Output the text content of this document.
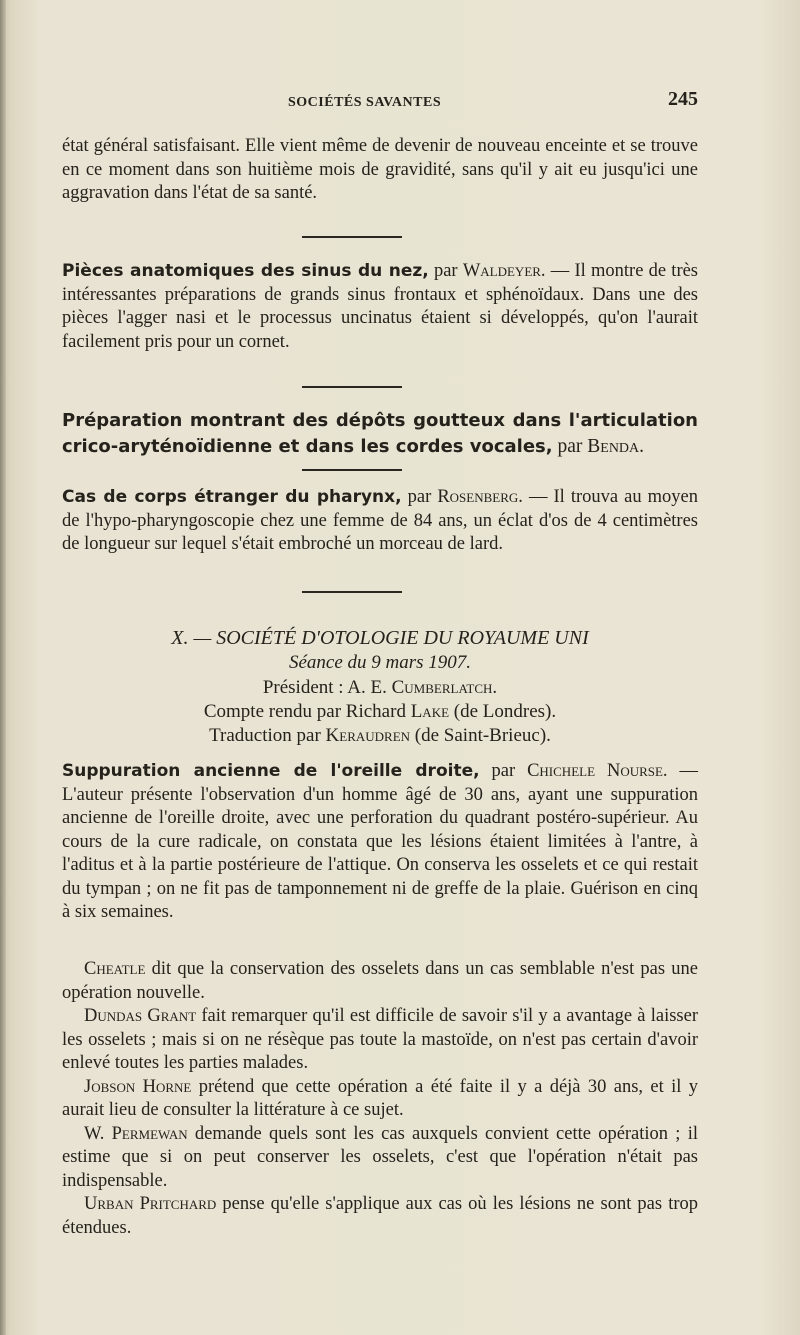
SOCIÉTÉS SAVANTES	245

état général satisfaisant. Elle vient même de devenir de nouveau enceinte et se trouve en ce moment dans son huitième mois de gravidité, sans qu'il y ait eu jusqu'ici une aggravation dans l'état de sa santé.

Pièces anatomiques des sinus du nez, par Waldeyer. — Il montre de très intéressantes préparations de grands sinus frontaux et sphénoïdaux. Dans une des pièces l'agger nasi et le processus uncinatus étaient si développés, qu'on l'aurait facilement pris pour un cornet.

Préparation montrant des dépôts goutteux dans l'articulation crico-aryténoïdienne et dans les cordes vocales, par Benda.

Cas de corps étranger du pharynx, par Rosenberg. — Il trouva au moyen de l'hypo-pharyngoscopie chez une femme de 84 ans, un éclat d'os de 4 centimètres de longueur sur lequel s'était embroché un morceau de lard.

X. — SOCIÉTÉ D'OTOLOGIE DU ROYAUME UNI
Séance du 9 mars 1907.
Président : A. E. Cumberlatch.
Compte rendu par Richard Lake (de Londres).
Traduction par Keraudren (de Saint-Brieuc).

Suppuration ancienne de l'oreille droite, par Chichele Nourse. — L'auteur présente l'observation d'un homme âgé de 30 ans, ayant une suppuration ancienne de l'oreille droite, avec une perforation du quadrant postéro-supérieur. Au cours de la cure radicale, on constata que les lésions étaient limitées à l'antre, à l'aditus et à la partie postérieure de l'attique. On conserva les osselets et ce qui restait du tympan ; on ne fit pas de tamponnement ni de greffe de la plaie. Guérison en cinq à six semaines.

Cheatle dit que la conservation des osselets dans un cas semblable n'est pas une opération nouvelle.

Dundas Grant fait remarquer qu'il est difficile de savoir s'il y a avantage à laisser les osselets ; mais si on ne résèque pas toute la mastoïde, on n'est pas certain d'avoir enlevé toutes les parties malades.

Jobson Horne prétend que cette opération a été faite il y a déjà 30 ans, et il y aurait lieu de consulter la littérature à ce sujet.

W. Permewan demande quels sont les cas auxquels convient cette opération ; il estime que si on peut conserver les osselets, c'est que l'opération n'était pas indispensable.

Urban Pritchard pense qu'elle s'applique aux cas où les lésions ne sont pas trop étendues.
